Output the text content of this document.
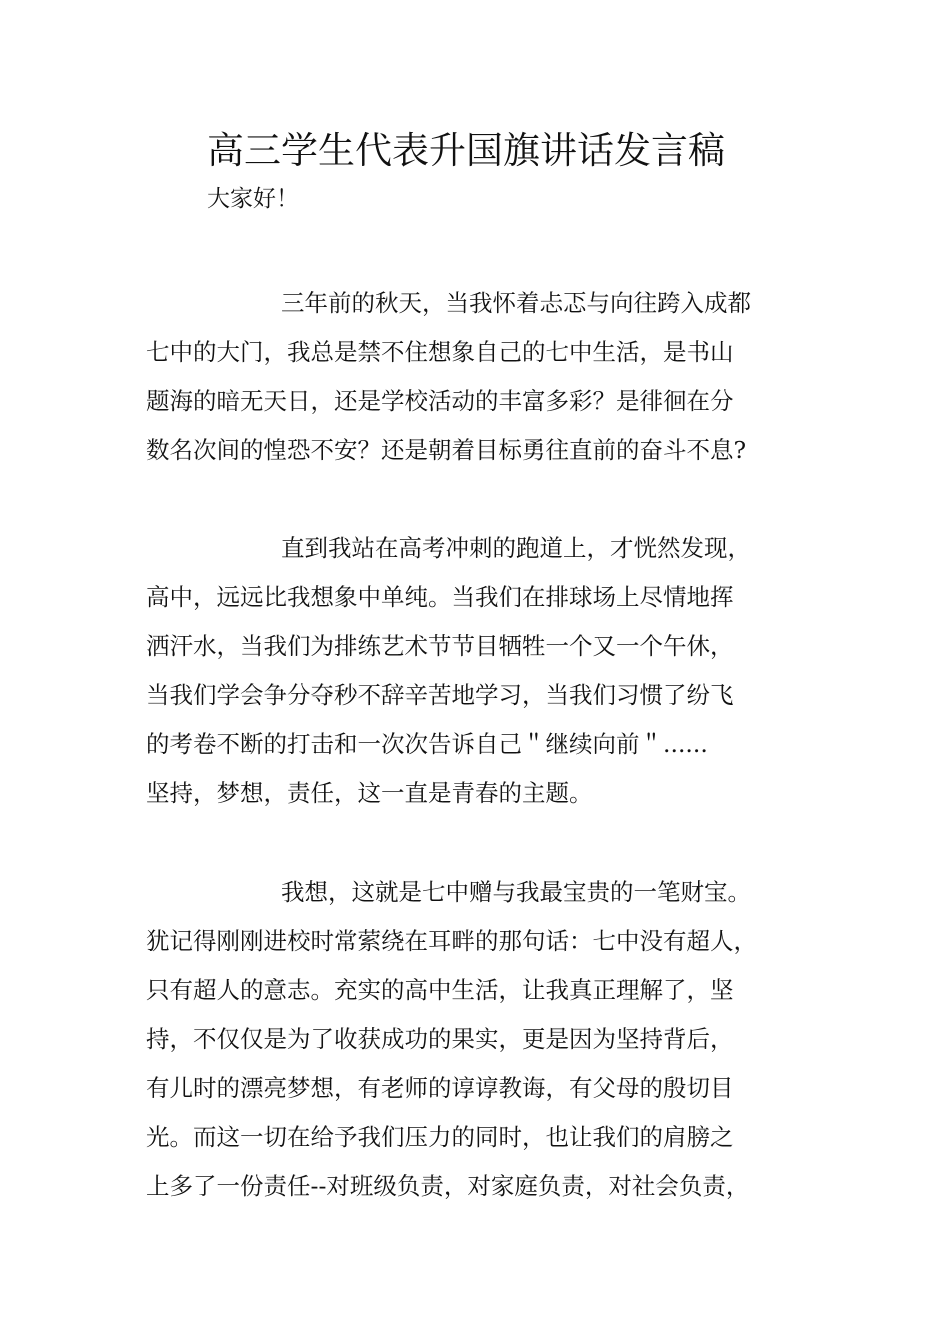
高三学生代表升国旗讲话发言稿

大家好！

三年前的秋天，当我怀着忐忑与向往跨入成都
七中的大门，我总是禁不住想象自己的七中生活，是书山
题海的暗无天日，还是学校活动的丰富多彩？是徘徊在分
数名次间的惶恐不安？还是朝着目标勇往直前的奋斗不息?
直到我站在高考冲刺的跑道上，才恍然发现，
高中，远远比我想象中单纯。当我们在排球场上尽情地挥
洒汗水，当我们为排练艺术节节目牺牲一个又一个午休，
当我们学会争分夺秒不辞辛苦地学习，当我们习惯了纷飞
的考卷不断的打击和一次次告诉自己＂继续向前＂......
坚持，梦想，责任，这一直是青春的主题。
我想，这就是七中赠与我最宝贵的一笔财宝。
犹记得刚刚进校时常萦绕在耳畔的那句话：七中没有超人，
只有超人的意志。充实的高中生活，让我真正理解了，坚
持，不仅仅是为了收获成功的果实，更是因为坚持背后，
有儿时的漂亮梦想，有老师的谆谆教诲，有父母的殷切目
光。而这一切在给予我们压力的同时，也让我们的肩膀之
上多了一份责任--对班级负责，对家庭负责，对社会负责，
